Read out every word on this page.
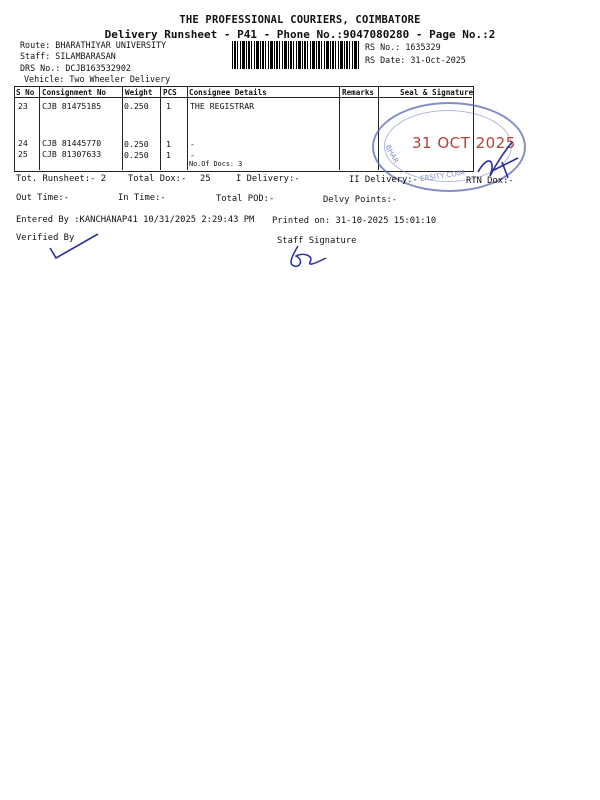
THE PROFESSIONAL COURIERS, COIMBATORE
Delivery Runsheet - P41 - Phone No.:9047080280 - Page No.:2
Route: BHARATHIYAR UNIVERSITY
Staff: SILAMBARASAN
DRS No.: DCJB163532902
Vehicle: Two Wheeler Delivery
RS No.: 1635329
RS Date: 31-Oct-2025
S No Consignment No Weight PCS Consignee Details	Remarks	Seal & Signature
23 CJB 81475185	0.250 1 THE REGISTRAR
24 CJB 81445770	0.250 1 -
25 CJB 81307633	0.250 1 -
No.Of Docs: 3
31 OCT 2025
BHAR
ERSITY COIM
Tot. Runsheet:- 2 Total Dox:- 25	I Delivery:-	II Delivery:-	RTN Dox:-
Out Time:-	In Time:-	Total POD:-	Delvy Points:-
Entered By :KANCHANAP41 10/31/2025 2:29:43 PM Printed on: 31-10-2025 15:01:10
Verified By	Staff Signature
